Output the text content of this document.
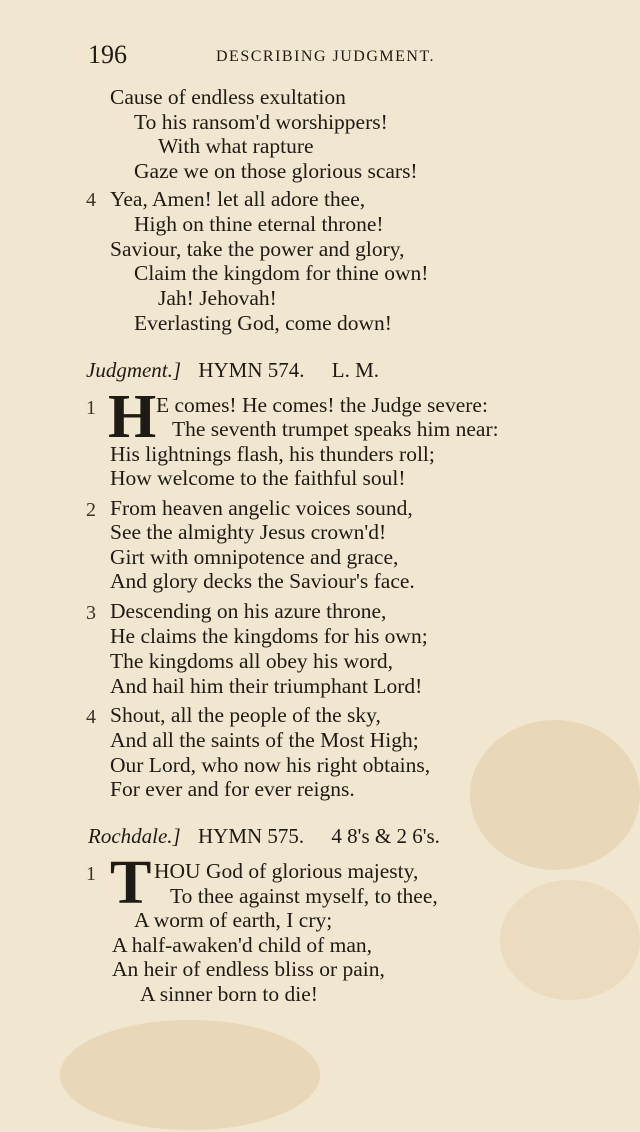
196	DESCRIBING JUDGMENT.
Cause of endless exultation
To his ransom'd worshippers!
With what rapture
Gaze we on those glorious scars!
4 Yea, Amen! let all adore thee,
High on thine eternal throne!
Saviour, take the power and glory,
Claim the kingdom for thine own!
Jah! Jehovah!
Everlasting God, come down!
Judgment.] HYMN 574. L. M.
1 H E comes! He comes! the Judge severe:
The seventh trumpet speaks him near:
His lightnings flash, his thunders roll;
How welcome to the faithful soul!
2 From heaven angelic voices sound,
See the almighty Jesus crown'd!
Girt with omnipotence and grace,
And glory decks the Saviour's face.
3 Descending on his azure throne,
He claims the kingdoms for his own;
The kingdoms all obey his word,
And hail him their triumphant Lord!
4 Shout, all the people of the sky,
And all the saints of the Most High;
Our Lord, who now his right obtains,
For ever and for ever reigns.
Rochdale.] HYMN 575. 4 8's & 2 6's.
1 T HOU God of glorious majesty,
To thee against myself, to thee,
A worm of earth, I cry;
A half-awaken'd child of man,
An heir of endless bliss or pain,
A sinner born to die!
